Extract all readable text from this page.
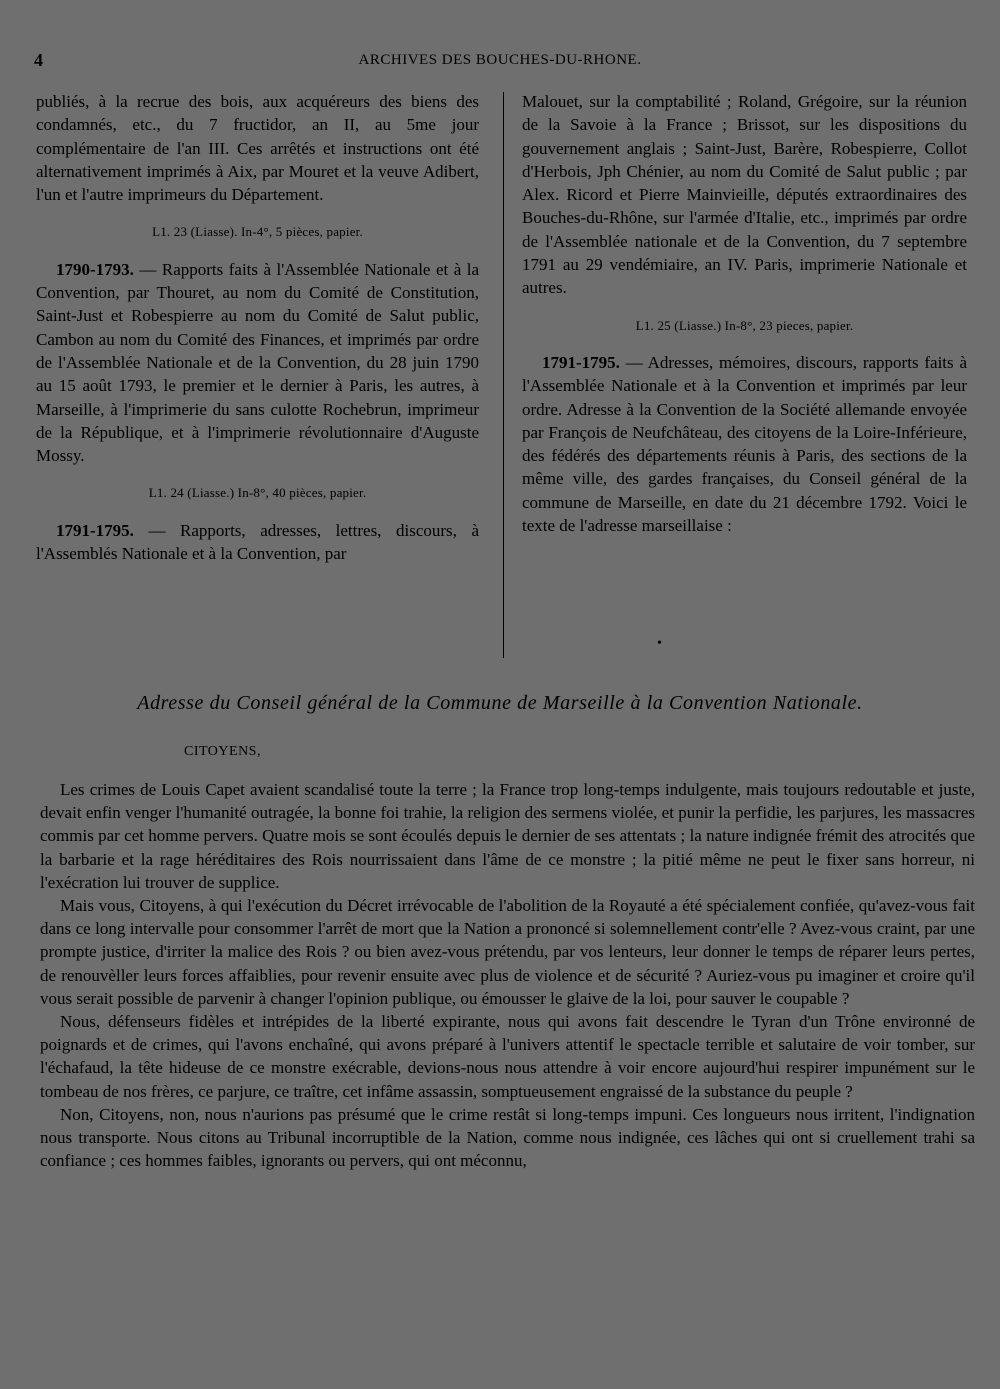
4	ARCHIVES DES BOUCHES-DU-RHONE.

publiés, à la recrue des bois, aux acquéreurs des biens des condamnés, etc., du 7 fructidor, an II, au 5me jour complémentaire de l'an III. Ces arrêtés et instructions ont été alternativement imprimés à Aix, par Mouret et la veuve Adibert, l'un et l'autre imprimeurs du Département.

L1. 23 (Liasse). In-4°, 5 pièces, papier.

1790-1793. — Rapports faits à l'Assemblée Nationale et à la Convention, par Thouret, au nom du Comité de Constitution, Saint-Just et Robespierre au nom du Comité de Salut public, Cambon au nom du Comité des Finances, et imprimés par ordre de l'Assemblée Nationale et de la Convention, du 28 juin 1790 au 15 août 1793, le premier et le dernier à Paris, les autres, à Marseille, à l'imprimerie du sans culotte Rochebrun, imprimeur de la République, et à l'imprimerie révolutionnaire d'Auguste Mossy.

L1. 24 (Liasse.) In-8°, 40 pièces, papier.

1791-1795. — Rapports, adresses, lettres, discours, à l'Assemblés Nationale et à la Convention, par

Malouet, sur la comptabilité ; Roland, Grégoire, sur la réunion de la Savoie à la France ; Brissot, sur les dispositions du gouvernement anglais ; Saint-Just, Barère, Robespierre, Collot d'Herbois, Jph Chénier, au nom du Comité de Salut public ; par Alex. Ricord et Pierre Mainvieille, députés extraordinaires des Bouches-du-Rhône, sur l'armée d'Italie, etc., imprimés par ordre de l'Assemblée nationale et de la Convention, du 7 septembre 1791 au 29 vendémiaire, an IV. Paris, imprimerie Nationale et autres.

L1. 25 (Liasse.) In-8°, 23 pieces, papier.

1791-1795. — Adresses, mémoires, discours, rapports faits à l'Assemblée Nationale et à la Convention et imprimés par leur ordre. Adresse à la Convention de la Société allemande envoyée par François de Neufchâteau, des citoyens de la Loire-Inférieure, des fédérés des départements réunis à Paris, des sections de la même ville, des gardes françaises, du Conseil général de la commune de Marseille, en date du 21 décembre 1792. Voici le texte de l'adresse marseillaise :

•
Adresse du Conseil général de la Commune de Marseille à la Convention Nationale.
CITOYENS,

Les crimes de Louis Capet avaient scandalisé toute la terre ; la France trop long-temps indulgente, mais toujours redoutable et juste, devait enfin venger l'humanité outragée, la bonne foi trahie, la religion des sermens violée, et punir la perfidie, les parjures, les massacres commis par cet homme pervers. Quatre mois se sont écoulés depuis le dernier de ses attentats ; la nature indignée frémit des atrocités que la barbarie et la rage héréditaires des Rois nourrissaient dans l'âme de ce monstre ; la pitié même ne peut le fixer sans horreur, ni l'exécration lui trouver de supplice.

Mais vous, Citoyens, à qui l'exécution du Décret irrévocable de l'abolition de la Royauté a été spécialement confiée, qu'avez-vous fait dans ce long intervalle pour consommer l'arrêt de mort que la Nation a prononcé si solemnellement contr'elle ? Avez-vous craint, par une prompte justice, d'irriter la malice des Rois ? ou bien avez-vous prétendu, par vos lenteurs, leur donner le temps de réparer leurs pertes, de renouvèller leurs forces affaiblies, pour revenir ensuite avec plus de violence et de sécurité ? Auriez-vous pu imaginer et croire qu'il vous serait possible de parvenir à changer l'opinion publique, ou émousser le glaive de la loi, pour sauver le coupable ?

Nous, défenseurs fidèles et intrépides de la liberté expirante, nous qui avons fait descendre le Tyran d'un Trône environné de poignards et de crimes, qui l'avons enchaîné, qui avons préparé à l'univers attentif le spectacle terrible et salutaire de voir tomber, sur l'échafaud, la tête hideuse de ce monstre exécrable, devions-nous nous attendre à voir encore aujourd'hui respirer impunément sur le tombeau de nos frères, ce parjure, ce traître, cet infâme assassin, somptueusement engraissé de la substance du peuple ?

Non, Citoyens, non, nous n'aurions pas présumé que le crime restât si long-temps impuni. Ces longueurs nous irritent, l'indignation nous transporte. Nous citons au Tribunal incorruptible de la Nation, comme nous indignée, ces lâches qui ont si cruellement trahi sa confiance ; ces hommes faibles, ignorants ou pervers, qui ont méconnu,
